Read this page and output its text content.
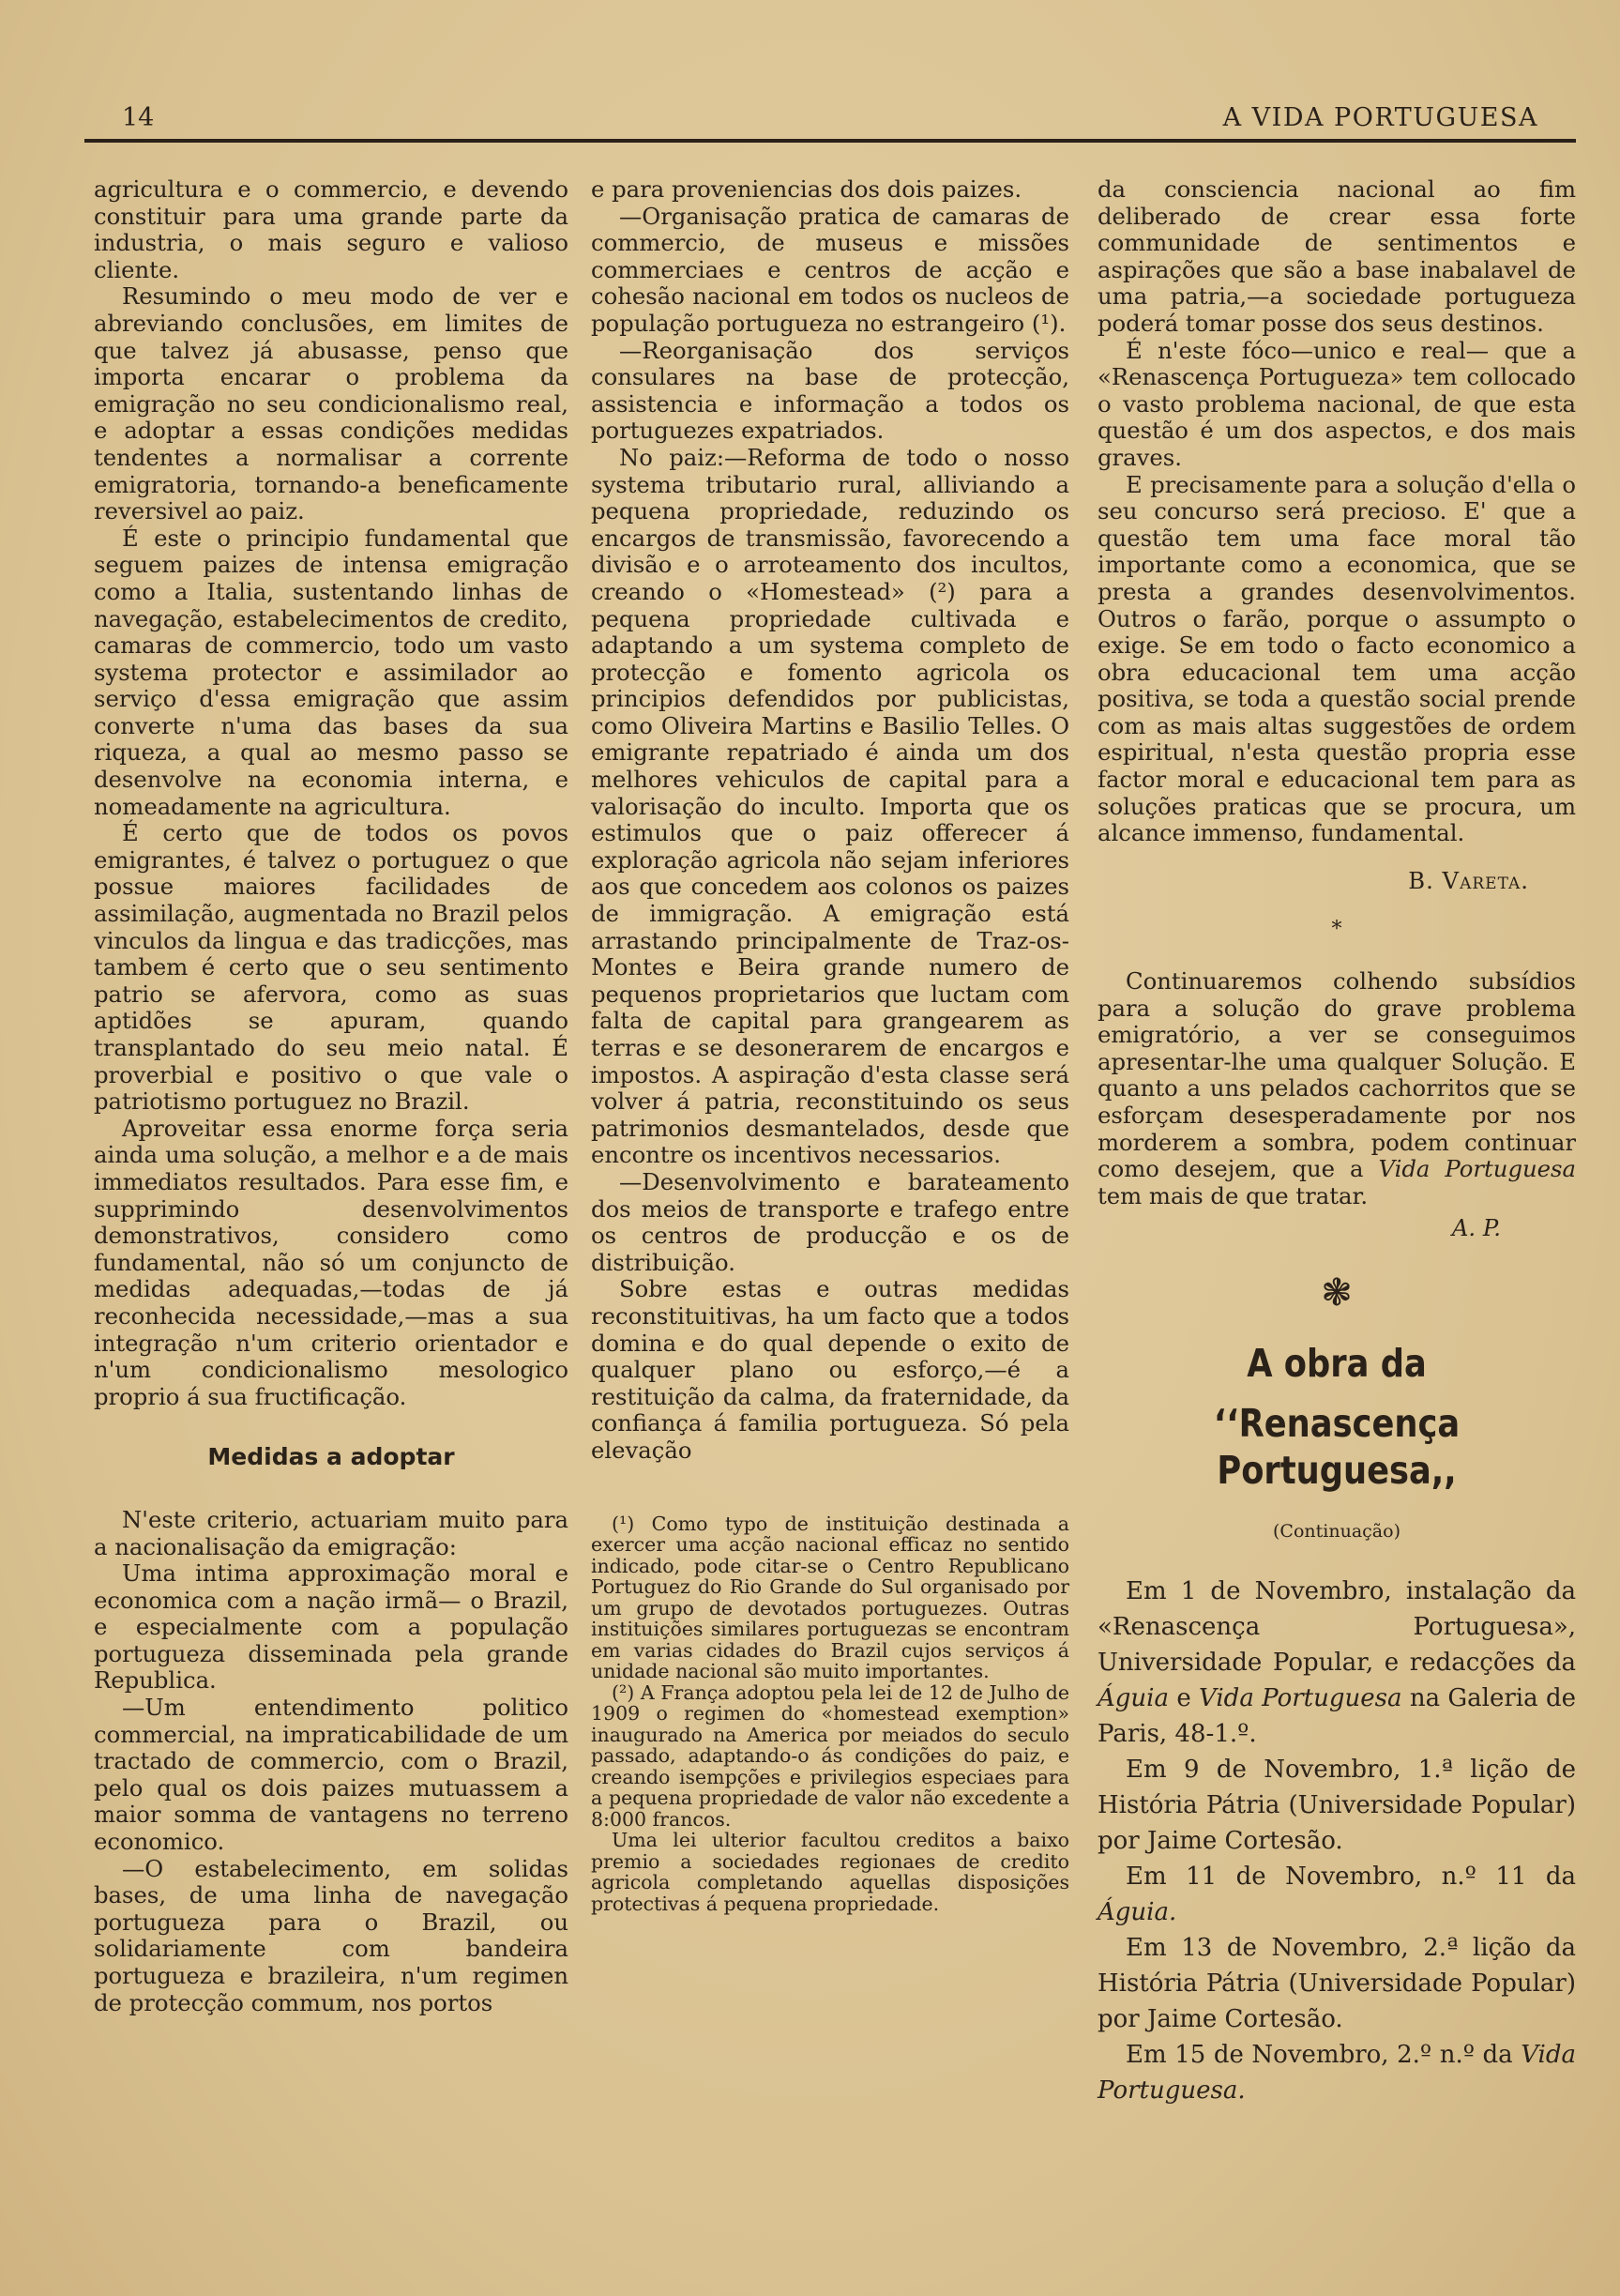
14	A VIDA PORTUGUESA

agricultura e o commercio, e devendo constituir para uma grande parte da industria, o mais seguro e valioso cliente.

Resumindo o meu modo de ver e abreviando conclusões, em limites de que talvez já abusasse, penso que importa encarar o problema da emigração no seu condicionalismo real, e adoptar a essas condições medidas tendentes a normalisar a corrente emigratoria, tornando-a beneficamente reversivel ao paiz.

É este o principio fundamental que seguem paizes de intensa emigração como a Italia, sustentando linhas de navegação, estabelecimentos de credito, camaras de commercio, todo um vasto systema protector e assimilador ao serviço d'essa emigração que assim converte n'uma das bases da sua riqueza, a qual ao mesmo passo se desenvolve na economia interna, e nomeadamente na agricultura.

É certo que de todos os povos emigrantes, é talvez o portuguez o que possue maiores facilidades de assimilação, augmentada no Brazil pelos vinculos da lingua e das tradicções, mas tambem é certo que o seu sentimento patrio se afervora, como as suas aptidões se apuram, quando transplantado do seu meio natal. É proverbial e positivo o que vale o patriotismo portuguez no Brazil.

Aproveitar essa enorme força seria ainda uma solução, a melhor e a de mais immediatos resultados. Para esse fim, e supprimindo desenvolvimentos demonstrativos, considero como fundamental, não só um conjuncto de medidas adequadas,—todas de já reconhecida necessidade,—mas a sua integração n'um criterio orientador e n'um condicionalismo mesologico proprio á sua fructificação.

Medidas a adoptar

N'este criterio, actuariam muito para a nacionalisação da emigração:

Uma intima approximação moral e economica com a nação irmã— o Brazil, e especialmente com a população portugueza disseminada pela grande Republica.

—Um entendimento politico commercial, na impraticabilidade de um tractado de commercio, com o Brazil, pelo qual os dois paizes mutuassem a maior somma de vantagens no terreno economico.

—O estabelecimento, em solidas bases, de uma linha de navegação portugueza para o Brazil, ou solidariamente com bandeira portugueza e brazileira, n'um regimen de protecção commum, nos portos

e para proveniencias dos dois paizes.

—Organisação pratica de camaras de commercio, de museus e missões commerciaes e centros de acção e cohesão nacional em todos os nucleos de população portugueza no estrangeiro (¹).

—Reorganisação dos serviços consulares na base de protecção, assistencia e informação a todos os portuguezes expatriados.

No paiz:—Reforma de todo o nosso systema tributario rural, alliviando a pequena propriedade, reduzindo os encargos de transmissão, favorecendo a divisão e o arroteamento dos incultos, creando o «Homestead» (²) para a pequena propriedade cultivada e adaptando a um systema completo de protecção e fomento agricola os principios defendidos por publicistas, como Oliveira Martins e Basilio Telles. O emigrante repatriado é ainda um dos melhores vehiculos de capital para a valorisação do inculto. Importa que os estimulos que o paiz offerecer á exploração agricola não sejam inferiores aos que concedem aos colonos os paizes de immigração. A emigração está arrastando principalmente de Traz-os-Montes e Beira grande numero de pequenos proprietarios que luctam com falta de capital para grangearem as terras e se desonerarem de encargos e impostos. A aspiração d'esta classe será volver á patria, reconstituindo os seus patrimonios desmantelados, desde que encontre os incentivos necessarios.

—Desenvolvimento e barateamento dos meios de transporte e trafego entre os centros de producção e os de distribuição.

Sobre estas e outras medidas reconstituitivas, ha um facto que a todos domina e do qual depende o exito de qualquer plano ou esforço,—é a restituição da calma, da fraternidade, da confiança á familia portugueza. Só pela elevação

(¹) Como typo de instituição destinada a exercer uma acção nacional efficaz no sentido indicado, pode citar-se o Centro Republicano Portuguez do Rio Grande do Sul organisado por um grupo de devotados portuguezes. Outras instituições similares portuguezas se encontram em varias cidades do Brazil cujos serviços á unidade nacional são muito importantes.

(²) A França adoptou pela lei de 12 de Julho de 1909 o regimen do «homestead exemption» inaugurado na America por meiados do seculo passado, adaptando-o ás condições do paiz, e creando isempções e privilegios especiaes para a pequena propriedade de valor não excedente a 8:000 francos.

Uma lei ulterior facultou creditos a baixo premio a sociedades regionaes de credito agricola completando aquellas disposições protectivas á pequena propriedade.

da consciencia nacional ao fim deliberado de crear essa forte communidade de sentimentos e aspirações que são a base inabalavel de uma patria,—a sociedade portugueza poderá tomar posse dos seus destinos.

É n'este fóco—unico e real— que a «Renascença Portugueza» tem collocado o vasto problema nacional, de que esta questão é um dos aspectos, e dos mais graves.

E precisamente para a solução d'ella o seu concurso será precioso. E' que a questão tem uma face moral tão importante como a economica, que se presta a grandes desenvolvimentos. Outros o farão, porque o assumpto o exige. Se em todo o facto economico a obra educacional tem uma acção positiva, se toda a questão social prende com as mais altas suggestões de ordem espiritual, n'esta questão propria esse factor moral e educacional tem para as soluções praticas que se procura, um alcance immenso, fundamental.

B. Vareta.

*

Continuaremos colhendo subsídios para a solução do grave problema emigratório, a ver se conseguimos apresentar-lhe uma qualquer Solução. E quanto a uns pelados cachorritos que se esforçam desesperadamente por nos morderem a sombra, podem continuar como desejem, que a Vida Portuguesa tem mais de que tratar.

A. P.

❃

A obra da

‘‘Renascença Portuguesa,,

(Continuação)

Em 1 de Novembro, instalação da «Renascença Portuguesa», Universidade Popular, e redacções da Águia e Vida Portuguesa na Galeria de Paris, 48-1.º.

Em 9 de Novembro, 1.ª lição de História Pátria (Universidade Popular) por Jaime Cortesão.

Em 11 de Novembro, n.º 11 da Águia.

Em 13 de Novembro, 2.ª lição da História Pátria (Universidade Popular) por Jaime Cortesão.

Em 15 de Novembro, 2.º n.º da Vida Portuguesa.
